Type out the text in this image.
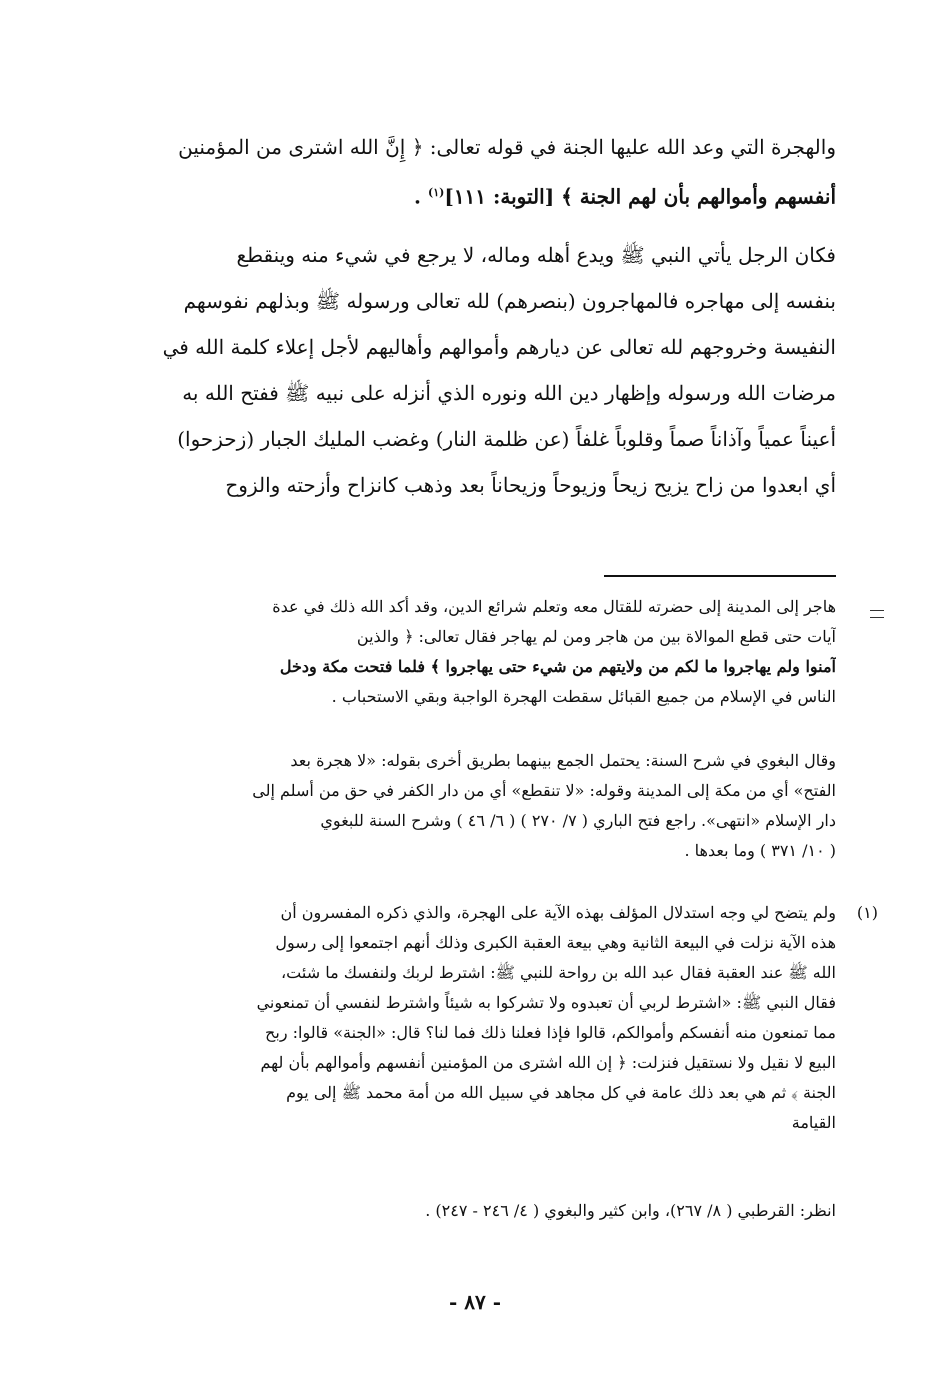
والهجرة التي وعد الله عليها الجنة في قوله تعالى: ﴿ إِنَّ الله اشترى من المؤمنين
أنفسهم وأموالهم بأن لهم الجنة ﴾ [التوبة: ١١١]$^{(١)}$ .
فكان الرجل يأتي النبي ﷺ ويدع أهله وماله، لا يرجع في شيء منه وينقطع
بنفسه إلى مهاجره فالمهاجرون (بنصرهم) لله تعالى ورسوله ﷺ وبذلهم نفوسهم
النفيسة وخروجهم لله تعالى عن ديارهم وأموالهم وأهاليهم لأجل إعلاء كلمة الله في
مرضات الله ورسوله وإظهار دين الله ونوره الذي أنزله على نبيه ﷺ ففتح الله به
أعيناً عمياً وآذاناً صماً وقلوباً غلفاً (عن ظلمة النار) وغضب المليك الجبار (زحزحوا)
أي ابعدوا من زاح يزيح زيحاً وزيوحاً وزيحاناً بعد وذهب كانزاح وأزحته والزوح
هاجر إلى المدينة إلى حضرته للقتال معه وتعلم شرائع الدين، وقد أكد الله ذلك في عدة
آيات حتى قطع الموالاة بين من هاجر ومن لم يهاجر فقال تعالى: ﴿ والذين
آمنوا ولم يهاجروا ما لكم من ولايتهم من شيء حتى يهاجروا ﴾ فلما فتحت مكة ودخل
الناس في الإسلام من جميع القبائل سقطت الهجرة الواجبة وبقي الاستحباب .
وقال البغوي في شرح السنة: يحتمل الجمع بينهما بطريق أخرى بقوله: «لا هجرة بعد
الفتح» أي من مكة إلى المدينة وقوله: «لا تنقطع» أي من دار الكفر في حق من أسلم إلى
دار الإسلام «انتهى». راجع فتح الباري ( ٧/ ٢٧٠ ) ( ٦/ ٤٦ ) وشرح السنة للبغوي
( ١٠/ ٣٧١ ) وما بعدها .
(١)
ولم يتضح لي وجه استدلال المؤلف بهذه الآية على الهجرة، والذي ذكره المفسرون أن
هذه الآية نزلت في البيعة الثانية وهي بيعة العقبة الكبرى وذلك أنهم اجتمعوا إلى رسول
الله ﷺ عند العقبة فقال عبد الله بن رواحة للنبي ﷺ: اشترط لربك ولنفسك ما شئت،
فقال النبي ﷺ: «اشترط لربي أن تعبدوه ولا تشركوا به شيئاً واشترط لنفسي أن تمنعوني
مما تمنعون منه أنفسكم وأموالكم، قالوا فإذا فعلنا ذلك فما لنا؟ قال: «الجنة» قالوا: ربح
البيع لا نقيل ولا نستقيل فنزلت: ﴿ إن الله اشترى من المؤمنين أنفسهم وأموالهم بأن لهم
الجنة ﴾ ثم هي بعد ذلك عامة في كل مجاهد في سبيل الله من أمة محمد ﷺ إلى يوم
القيامة
انظر: القرطبي ( ٨/ ٢٦٧)، وابن كثير والبغوي ( ٤/ ٢٤٦ - ٢٤٧) .
- ٨٧ -
